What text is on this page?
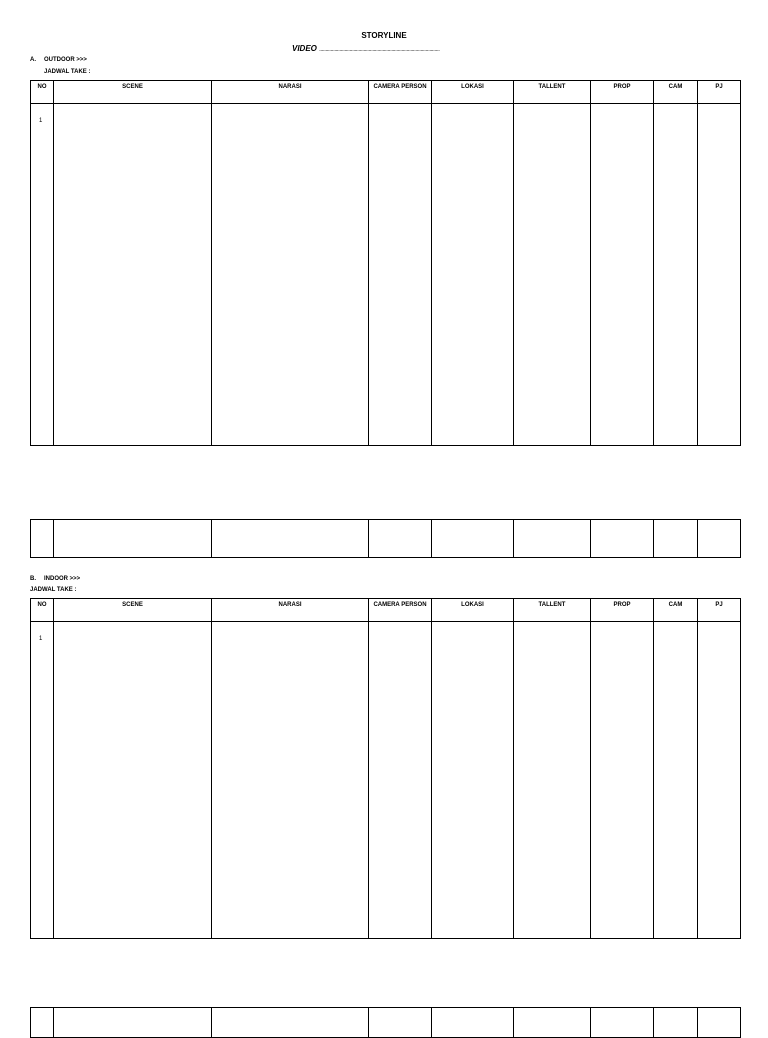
STORYLINE
VIDEO ...............................................................................................
A. OUTDOOR >>>
JADWAL TAKE :
NO	SCENE	NARASI	CAMERA PERSON	LOKASI	TALLENT	PROP	CAM	PJ
1								

B. INDOOR >>>
JADWAL TAKE :
NO	SCENE	NARASI	CAMERA PERSON	LOKASI	TALLENT	PROP	CAM	PJ
1								
